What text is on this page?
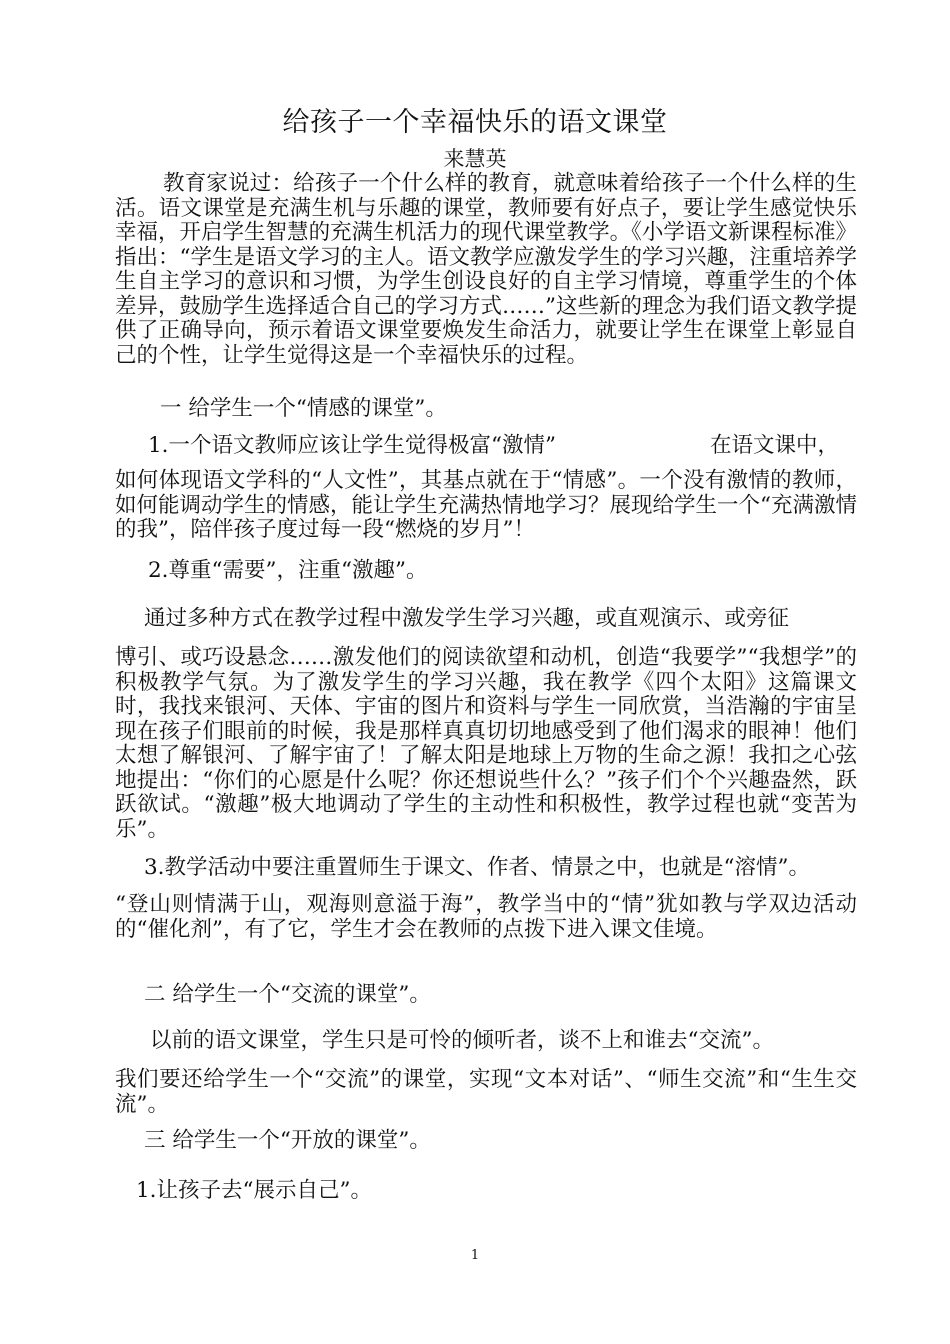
给孩子一个幸福快乐的语文课堂
来慧英

教育家说过：给孩子一个什么样的教育，就意味着给孩子一个什么样的生活。语文课堂是充满生机与乐趣的课堂，教师要有好点子，要让学生感觉快乐幸福，开启学生智慧的充满生机活力的现代课堂教学。《小学语文新课程标准》指出：“学生是语文学习的主人。语文教学应激发学生的学习兴趣，注重培养学生自主学习的意识和习惯，为学生创设良好的自主学习情境，尊重学生的个体差异，鼓励学生选择适合自己的学习方式……”这些新的理念为我们语文教学提供了正确导向，预示着语文课堂要焕发生命活力，就要让学生在课堂上彰显自己的个性，让学生觉得这是一个幸福快乐的过程。

一 给学生一个“情感的课堂”。
1.一个语文教师应该让学生觉得极富“激情”	在语文课中，

如何体现语文学科的“人文性”，其基点就在于“情感”。一个没有激情的教师，如何能调动学生的情感，能让学生充满热情地学习？展现给学生一个“充满激情的我”，陪伴孩子度过每一段“燃烧的岁月”！

2.尊重“需要”，注重“激趣”。
通过多种方式在教学过程中激发学生学习兴趣，或直观演示、或旁征

博引、或巧设悬念……激发他们的阅读欲望和动机，创造“我要学”“我想学”的积极教学气氛。为了激发学生的学习兴趣，我在教学《四个太阳》这篇课文时，我找来银河、天体、宇宙的图片和资料与学生一同欣赏，当浩瀚的宇宙呈现在孩子们眼前的时候，我是那样真真切切地感受到了他们渴求的眼神！他们太想了解银河、了解宇宙了！了解太阳是地球上万物的生命之源！我扣之心弦地提出：“你们的心愿是什么呢？你还想说些什么？”孩子们个个兴趣盎然，跃跃欲试。“激趣”极大地调动了学生的主动性和积极性，教学过程也就“变苦为乐”。

3.教学活动中要注重置师生于课文、作者、情景之中，也就是“溶情”。

“登山则情满于山，观海则意溢于海”，教学当中的“情”犹如教与学双边活动的“催化剂”，有了它，学生才会在教师的点拨下进入课文佳境。

二 给学生一个“交流的课堂”。
以前的语文课堂，学生只是可怜的倾听者，谈不上和谁去“交流”。

我们要还给学生一个“交流”的课堂，实现“文本对话”、“师生交流”和“生生交流”。

三 给学生一个“开放的课堂”。
1.让孩子去“展示自己”。
1
